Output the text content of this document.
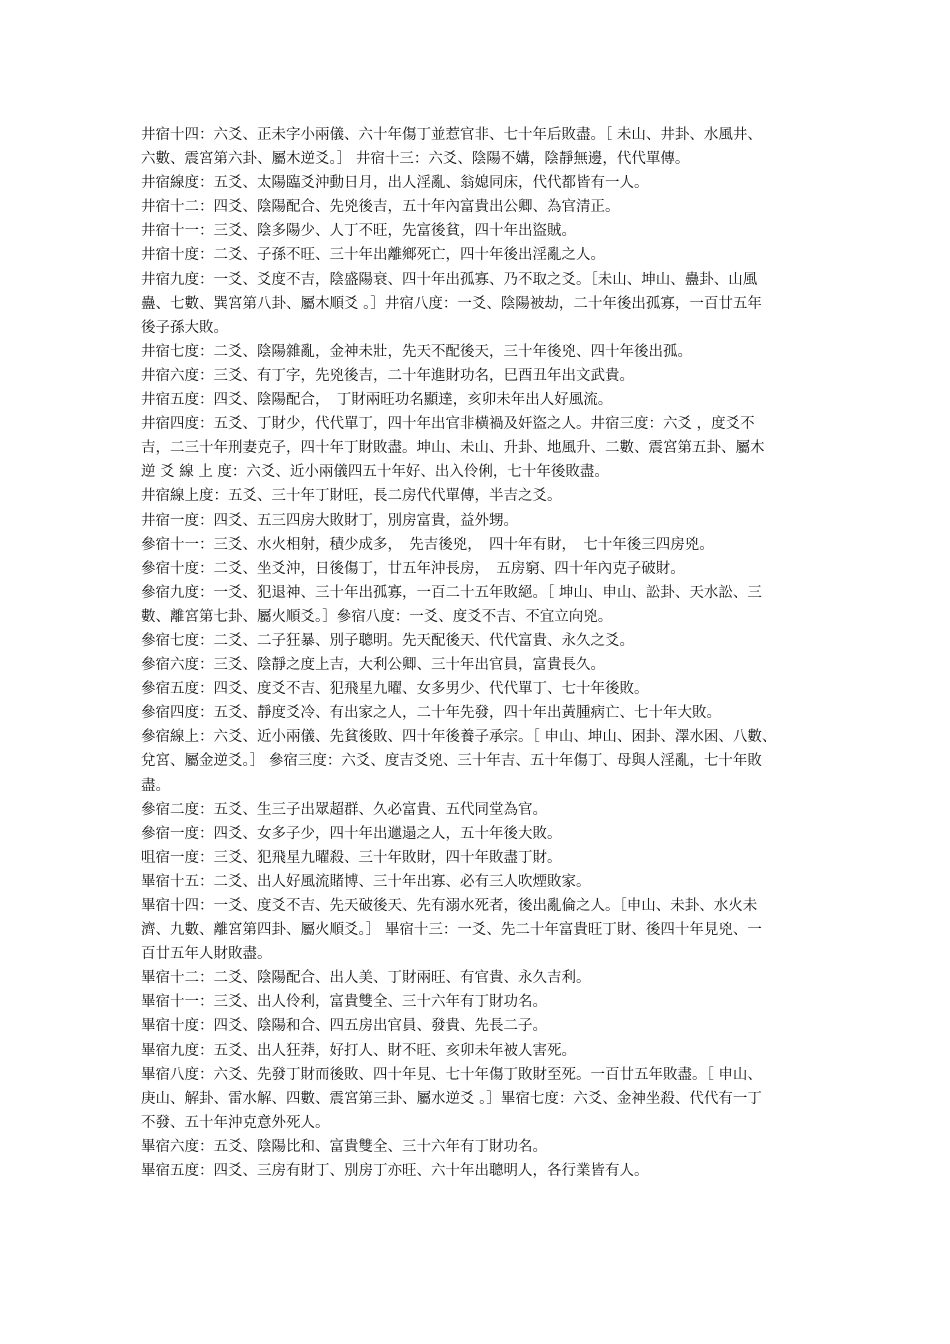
井宿十四：六爻、正未字小兩儀、六十年傷丁並惹官非、七十年后敗盡。［ 未山、井卦、水風井、

六數、震宮第六卦、屬木逆爻。］ 井宿十三：六爻、陰陽不媾，陰靜無邊，代代單傳。

井宿線度：五爻、太陽臨爻沖動日月，出人淫亂、翁媳同床，代代都皆有一人。

井宿十二：四爻、陰陽配合、先兇後吉，五十年內富貴出公卿、為官清正。

井宿十一：三爻、陰多陽少、人丁不旺，先富後貧，四十年出盜賊。

井宿十度：二爻、子孫不旺、三十年出離鄉死亡，四十年後出淫亂之人。

井宿九度：一爻、爻度不吉，陰盛陽衰、四十年出孤寡、乃不取之爻。［未山、坤山、蠱卦、山風

蠱、七數、巽宮第八卦、屬木順爻 。］井宿八度：一爻、陰陽被劫，二十年後出孤寡，一百廿五年

後子孫大敗。

井宿七度：二爻、陰陽雜亂，金神未壯，先天不配後天，三十年後兇、四十年後出孤。

井宿六度：三爻、有丁字，先兇後吉，二十年進財功名，巳酉丑年出文武貴。

井宿五度：四爻、陰陽配合，　丁財兩旺功名顯達，亥卯未年出人好風流。

井宿四度：五爻、丁財少，代代單丁，四十年出官非橫禍及奸盜之人。井宿三度：六爻 ，度爻不

吉，二三十年刑妻克子，四十年丁財敗盡。坤山、未山、升卦、地風升、二數、震宮第五卦、屬木

逆 爻 線 上 度：六爻、近小兩儀四五十年好、出入伶俐，七十年後敗盡。

井宿線上度：五爻、三十年丁財旺，長二房代代單傳，半吉之爻。

井宿一度：四爻、五三四房大敗財丁，別房富貴，益外甥。

參宿十一：三爻、水火相射，積少成多，　先吉後兇，　四十年有財，　七十年後三四房兇。

參宿十度：二爻、坐爻沖，日後傷丁，廿五年沖長房，　五房窮、四十年內克子破財。

參宿九度：一爻、犯退神、三十年出孤寡，一百二十五年敗絕。［ 坤山、申山、訟卦、天水訟、三

數、離宮第七卦、屬火順爻。］參宿八度：一爻、度爻不吉、不宜立向兇。

參宿七度：二爻、二子狂暴、別子聰明。先天配後天、代代富貴、永久之爻。

參宿六度：三爻、陰靜之度上吉，大利公卿、三十年出官員，富貴長久。

參宿五度：四爻、度爻不吉、犯飛星九曜、女多男少、代代單丁、七十年後敗。

參宿四度：五爻、靜度爻冷、有出家之人，二十年先發，四十年出黃腫病亡、七十年大敗。

參宿線上：六爻、近小兩儀、先貧後敗、四十年後養子承宗。［ 申山、坤山、困卦、澤水困、八數、

兌宮、屬金逆爻。］ 參宿三度：六爻、度吉爻兇、三十年吉、五十年傷丁、母與人淫亂，七十年敗

盡。

參宿二度：五爻、生三子出眾超群、久必富貴、五代同堂為官。

參宿一度：四爻、女多子少，四十年出邋遢之人，五十年後大敗。

咀宿一度：三爻、犯飛星九曜殺、三十年敗財，四十年敗盡丁財。

畢宿十五：二爻、出人好風流賭博、三十年出寡、必有三人吹煙敗家。

畢宿十四：一爻、度爻不吉、先天破後天、先有溺水死者，後出亂倫之人。［申山、未卦、水火未

濟、九數、離宮第四卦、屬火順爻。］ 畢宿十三：一爻、先二十年富貴旺丁財、後四十年見兇、一

百廿五年人財敗盡。

畢宿十二：二爻、陰陽配合、出人美、丁財兩旺、有官貴、永久吉利。

畢宿十一：三爻、出人伶利，富貴雙全、三十六年有丁財功名。

畢宿十度：四爻、陰陽和合、四五房出官員、發貴、先長二子。

畢宿九度：五爻、出人狂莽，好打人、財不旺、亥卯未年被人害死。

畢宿八度：六爻、先發丁財而後敗、四十年見、七十年傷丁敗財至死。一百廿五年敗盡。［ 申山、

庚山、解卦、雷水解、四數、震宮第三卦、屬水逆爻 。］畢宿七度：六爻、金神坐殺、代代有一丁

不發、五十年沖克意外死人。

畢宿六度：五爻、陰陽比和、富貴雙全、三十六年有丁財功名。

畢宿五度：四爻、三房有財丁、別房丁亦旺、六十年出聰明人，各行業皆有人。
